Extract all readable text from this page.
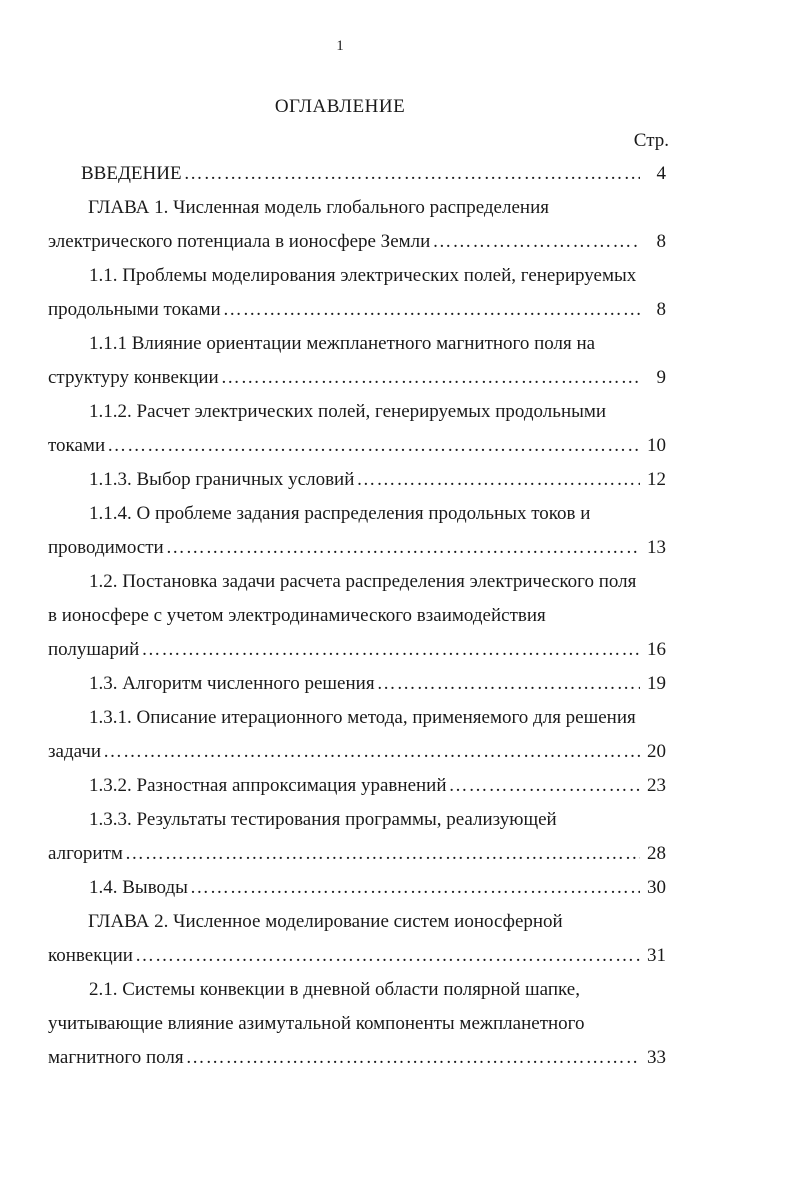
1
ОГЛАВЛЕНИЕ
Стр.
ВВЕДЕНИЕ ……………………………………………………………………………………………………………………………………………………………	4
ГЛАВА 1. Численная модель глобального распределения
электрического потенциала в ионосфере Земли ……………………………………………………………………………………………………………………………………………………………	8
1.1. Проблемы моделирования электрических полей, генерируемых
продольными токами ……………………………………………………………………………………………………………………………………………………………	8
1.1.1 Влияние ориентации межпланетного магнитного поля на
структуру конвекции ……………………………………………………………………………………………………………………………………………………………	9
1.1.2. Расчет электрических полей, генерируемых продольными
токами ……………………………………………………………………………………………………………………………………………………………	10
1.1.3. Выбор граничных условий ……………………………………………………………………………………………………………………………………………………………	12
1.1.4. О проблеме задания распределения продольных токов и
проводимости ……………………………………………………………………………………………………………………………………………………………	13
1.2. Постановка задачи расчета распределения электрического поля
в ионосфере с учетом электродинамического взаимодействия
полушарий ……………………………………………………………………………………………………………………………………………………………	16
1.3. Алгоритм численного решения ……………………………………………………………………………………………………………………………………………………………	19
1.3.1. Описание итерационного метода, применяемого для решения
задачи ……………………………………………………………………………………………………………………………………………………………	20
1.3.2. Разностная аппроксимация уравнений ……………………………………………………………………………………………………………………………………………………………	23
1.3.3. Результаты тестирования программы, реализующей
алгоритм ……………………………………………………………………………………………………………………………………………………………	28
1.4. Выводы ……………………………………………………………………………………………………………………………………………………………	30
ГЛАВА 2. Численное моделирование систем ионосферной
конвекции ……………………………………………………………………………………………………………………………………………………………	31
2.1. Системы конвекции в дневной области полярной шапке,
учитывающие влияние азимутальной компоненты межпланетного
магнитного поля ……………………………………………………………………………………………………………………………………………………………	33
